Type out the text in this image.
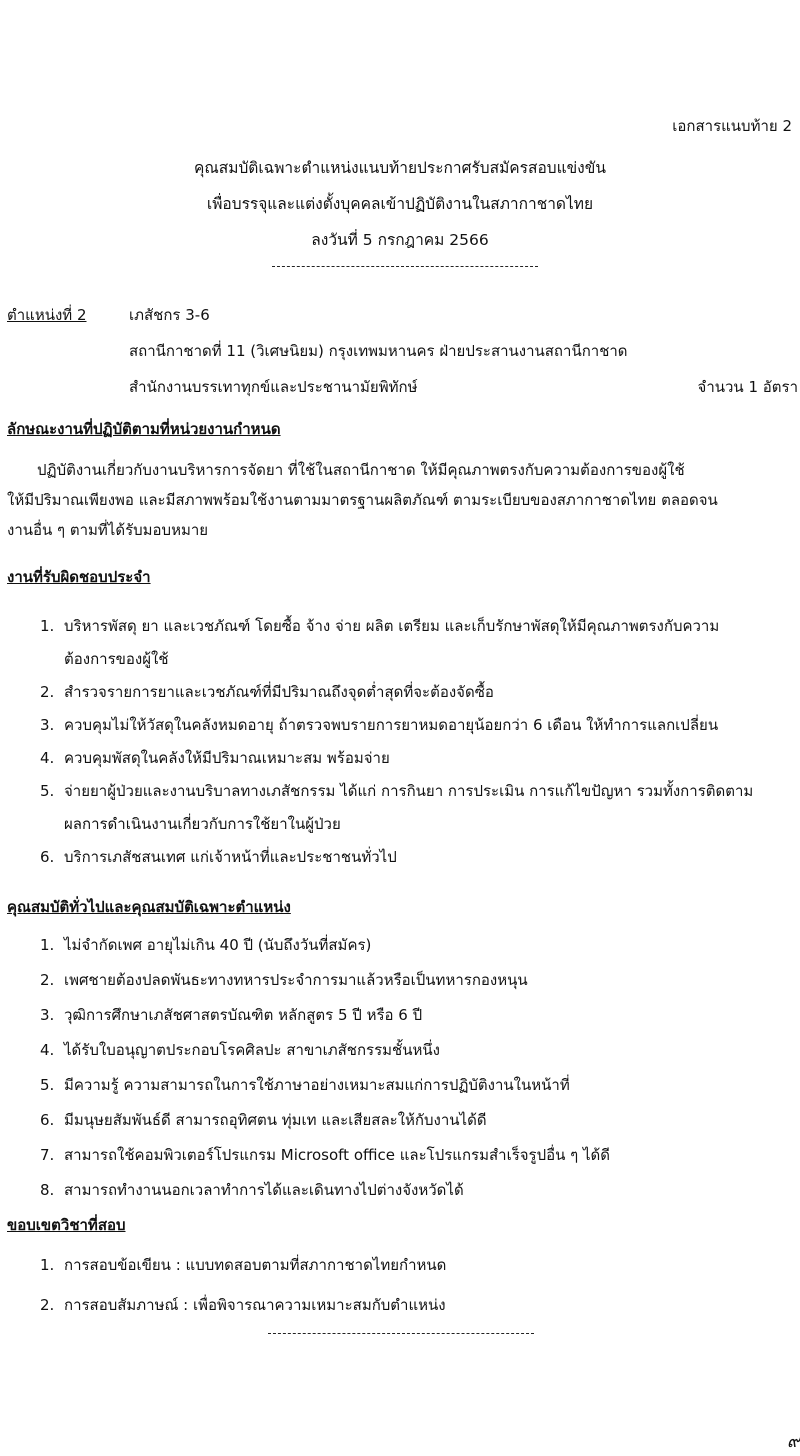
เอกสารแนบท้าย 2
คุณสมบัติเฉพาะตำแหน่งแนบท้ายประกาศรับสมัครสอบแข่งขัน
เพื่อบรรจุและแต่งตั้งบุคคลเข้าปฏิบัติงานในสภากาชาดไทย
ลงวันที่ 5 กรกฎาคม 2566
ตำแหน่งที่ 2	เภสัชกร 3-6
สถานีกาชาดที่ 11 (วิเศษนิยม) กรุงเทพมหานคร ฝ่ายประสานงานสถานีกาชาด
สำนักงานบรรเทาทุกข์และประชานามัยพิทักษ์	จำนวน 1 อัตรา
ลักษณะงานที่ปฏิบัติตามที่หน่วยงานกำหนด
ปฏิบัติงานเกี่ยวกับงานบริหารการจัดยา ที่ใช้ในสถานีกาชาด ให้มีคุณภาพตรงกับความต้องการของผู้ใช้
ให้มีปริมาณเพียงพอ และมีสภาพพร้อมใช้งานตามมาตรฐานผลิตภัณฑ์ ตามระเบียบของสภากาชาดไทย ตลอดจน
งานอื่น ๆ ตามที่ได้รับมอบหมาย
งานที่รับผิดชอบประจำ
1. บริหารพัสดุ ยา และเวชภัณฑ์ โดยซื้อ จ้าง จ่าย ผลิต เตรียม และเก็บรักษาพัสดุให้มีคุณภาพตรงกับความ
ต้องการของผู้ใช้
2. สำรวจรายการยาและเวชภัณฑ์ที่มีปริมาณถึงจุดต่ำสุดที่จะต้องจัดซื้อ
3. ควบคุมไม่ให้วัสดุในคลังหมดอายุ ถ้าตรวจพบรายการยาหมดอายุน้อยกว่า 6 เดือน ให้ทำการแลกเปลี่ยน
4. ควบคุมพัสดุในคลังให้มีปริมาณเหมาะสม พร้อมจ่าย
5. จ่ายยาผู้ป่วยและงานบริบาลทางเภสัชกรรม ได้แก่ การกินยา การประเมิน การแก้ไขปัญหา รวมทั้งการติดตาม
ผลการดำเนินงานเกี่ยวกับการใช้ยาในผู้ป่วย
6. บริการเภสัชสนเทศ แก่เจ้าหน้าที่และประชาชนทั่วไป
คุณสมบัติทั่วไปและคุณสมบัติเฉพาะตำแหน่ง
1. ไม่จำกัดเพศ อายุไม่เกิน 40 ปี (นับถึงวันที่สมัคร)
2. เพศชายต้องปลดพันธะทางทหารประจำการมาแล้วหรือเป็นทหารกองหนุน
3. วุฒิการศึกษาเภสัชศาสตรบัณฑิต หลักสูตร 5 ปี หรือ 6 ปี
4. ได้รับใบอนุญาตประกอบโรคศิลปะ สาขาเภสัชกรรมชั้นหนึ่ง
5. มีความรู้ ความสามารถในการใช้ภาษาอย่างเหมาะสมแก่การปฏิบัติงานในหน้าที่
6. มีมนุษยสัมพันธ์ดี สามารถอุทิศตน ทุ่มเท และเสียสละให้กับงานได้ดี
7. สามารถใช้คอมพิวเตอร์โปรแกรม Microsoft office และโปรแกรมสำเร็จรูปอื่น ๆ ได้ดี
8. สามารถทำงานนอกเวลาทำการได้และเดินทางไปต่างจังหวัดได้
ขอบเขตวิชาที่สอบ
1. การสอบข้อเขียน : แบบทดสอบตามที่สภากาชาดไทยกำหนด
2. การสอบสัมภาษณ์ : เพื่อพิจารณาความเหมาะสมกับตำแหน่ง
๙
